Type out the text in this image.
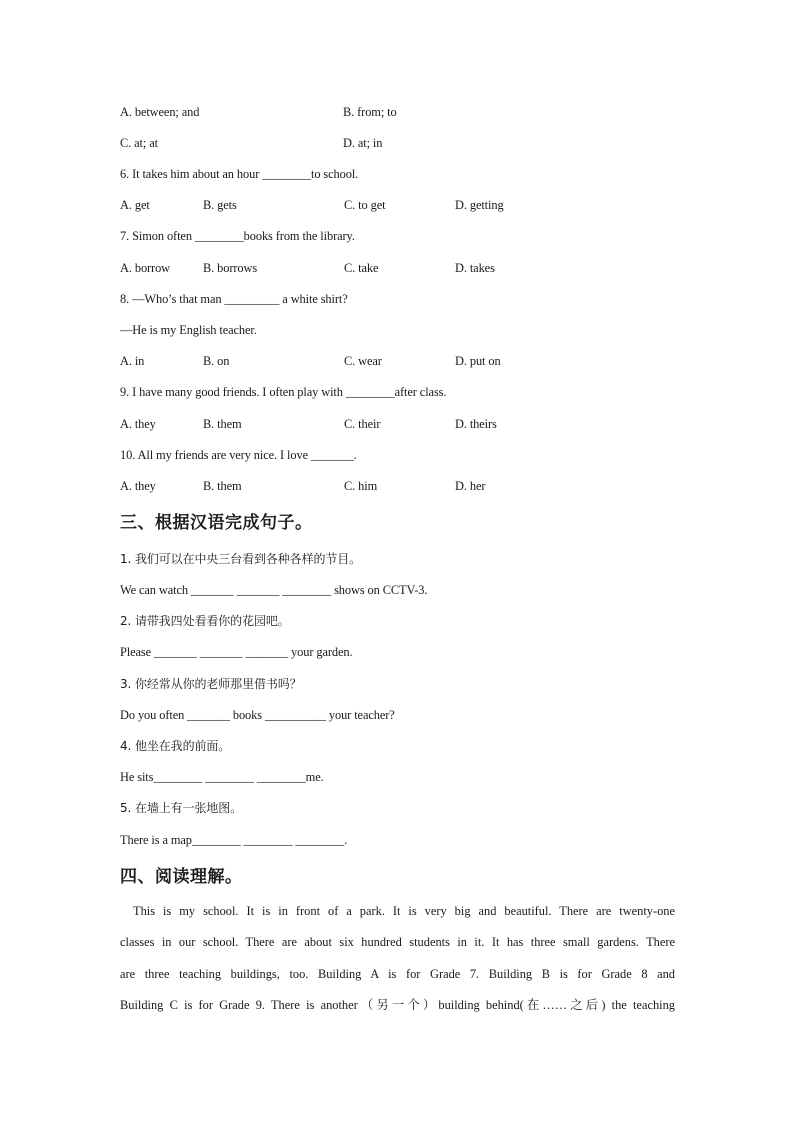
A. between; and	B. from; to
C. at; at	D. at; in
6. It takes him about an hour ________to school.
A. get	B. gets	C. to get	D. getting
7. Simon often ________books from the library.
A. borrow	B. borrows	C. take	D. takes
8. —Who’s that man _________ a white shirt?
—He is my English teacher.
A. in	B. on	C. wear	D. put on
9. I have many good friends. I often play with ________after class.
A. they	B. them	C. their	D. theirs
10. All my friends are very nice. I love _______.
A. they	B. them	C. him	D. her
三、根据汉语完成句子。
1. 我们可以在中央三台看到各种各样的节目。
We can watch _______ _______ ________ shows on CCTV-3.
2. 请带我四处看看你的花园吧。
Please _______ _______ _______ your garden.
3. 你经常从你的老师那里借书吗？
Do you often _______ books __________ your teacher?
4. 他坐在我的前面。
He sits________ ________ ________me.
5. 在墙上有一张地图。
There is a map________ ________ ________.
四、阅读理解。
This is my school. It is in front of a park. It is very big and beautiful. There are twenty-one
classes in our school. There are about six hundred students in it. It has three small gardens. There
are three teaching buildings, too. Building A is for Grade 7. Building B is for Grade 8 and
Building C is for Grade 9. There is another（另一个）building behind(在……之后) the teaching
